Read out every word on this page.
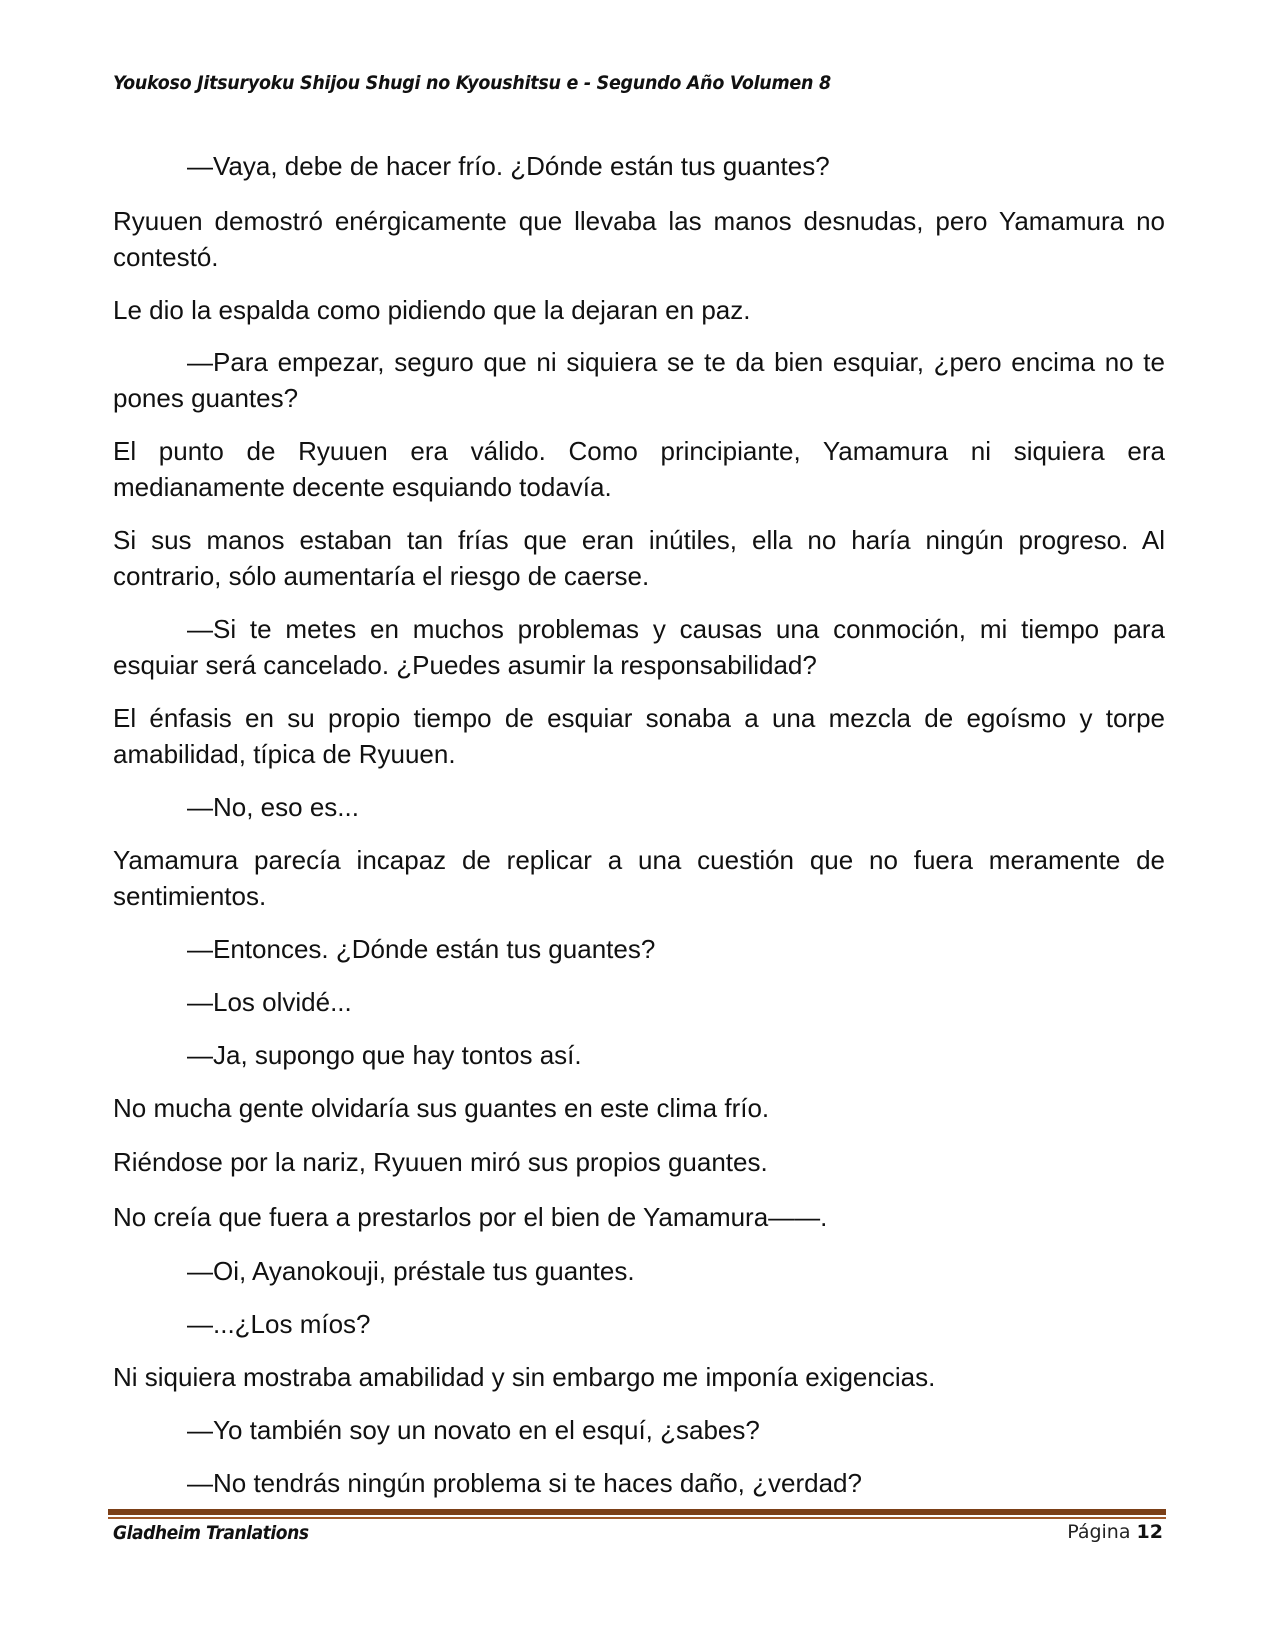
Youkoso Jitsuryoku Shijou Shugi no Kyoushitsu e - Segundo Año Volumen 8

—Vaya, debe de hacer frío. ¿Dónde están tus guantes?

Ryuuen demostró enérgicamente que llevaba las manos desnudas, pero Yamamura no contestó.

Le dio la espalda como pidiendo que la dejaran en paz.

—Para empezar, seguro que ni siquiera se te da bien esquiar, ¿pero encima no te pones guantes?

El punto de Ryuuen era válido. Como principiante, Yamamura ni siquiera era medianamente decente esquiando todavía.

Si sus manos estaban tan frías que eran inútiles, ella no haría ningún progreso. Al contrario, sólo aumentaría el riesgo de caerse.

—Si te metes en muchos problemas y causas una conmoción, mi tiempo para esquiar será cancelado. ¿Puedes asumir la responsabilidad?

El énfasis en su propio tiempo de esquiar sonaba a una mezcla de egoísmo y torpe amabilidad, típica de Ryuuen.

—No, eso es...

Yamamura parecía incapaz de replicar a una cuestión que no fuera meramente de sentimientos.

—Entonces. ¿Dónde están tus guantes?

—Los olvidé...

—Ja, supongo que hay tontos así.

No mucha gente olvidaría sus guantes en este clima frío.

Riéndose por la nariz, Ryuuen miró sus propios guantes.

No creía que fuera a prestarlos por el bien de Yamamura——.

—Oi, Ayanokouji, préstale tus guantes.

—...¿Los míos?

Ni siquiera mostraba amabilidad y sin embargo me imponía exigencias.

—Yo también soy un novato en el esquí, ¿sabes?

—No tendrás ningún problema si te haces daño, ¿verdad?

Gladheim Tranlations	Página 12
